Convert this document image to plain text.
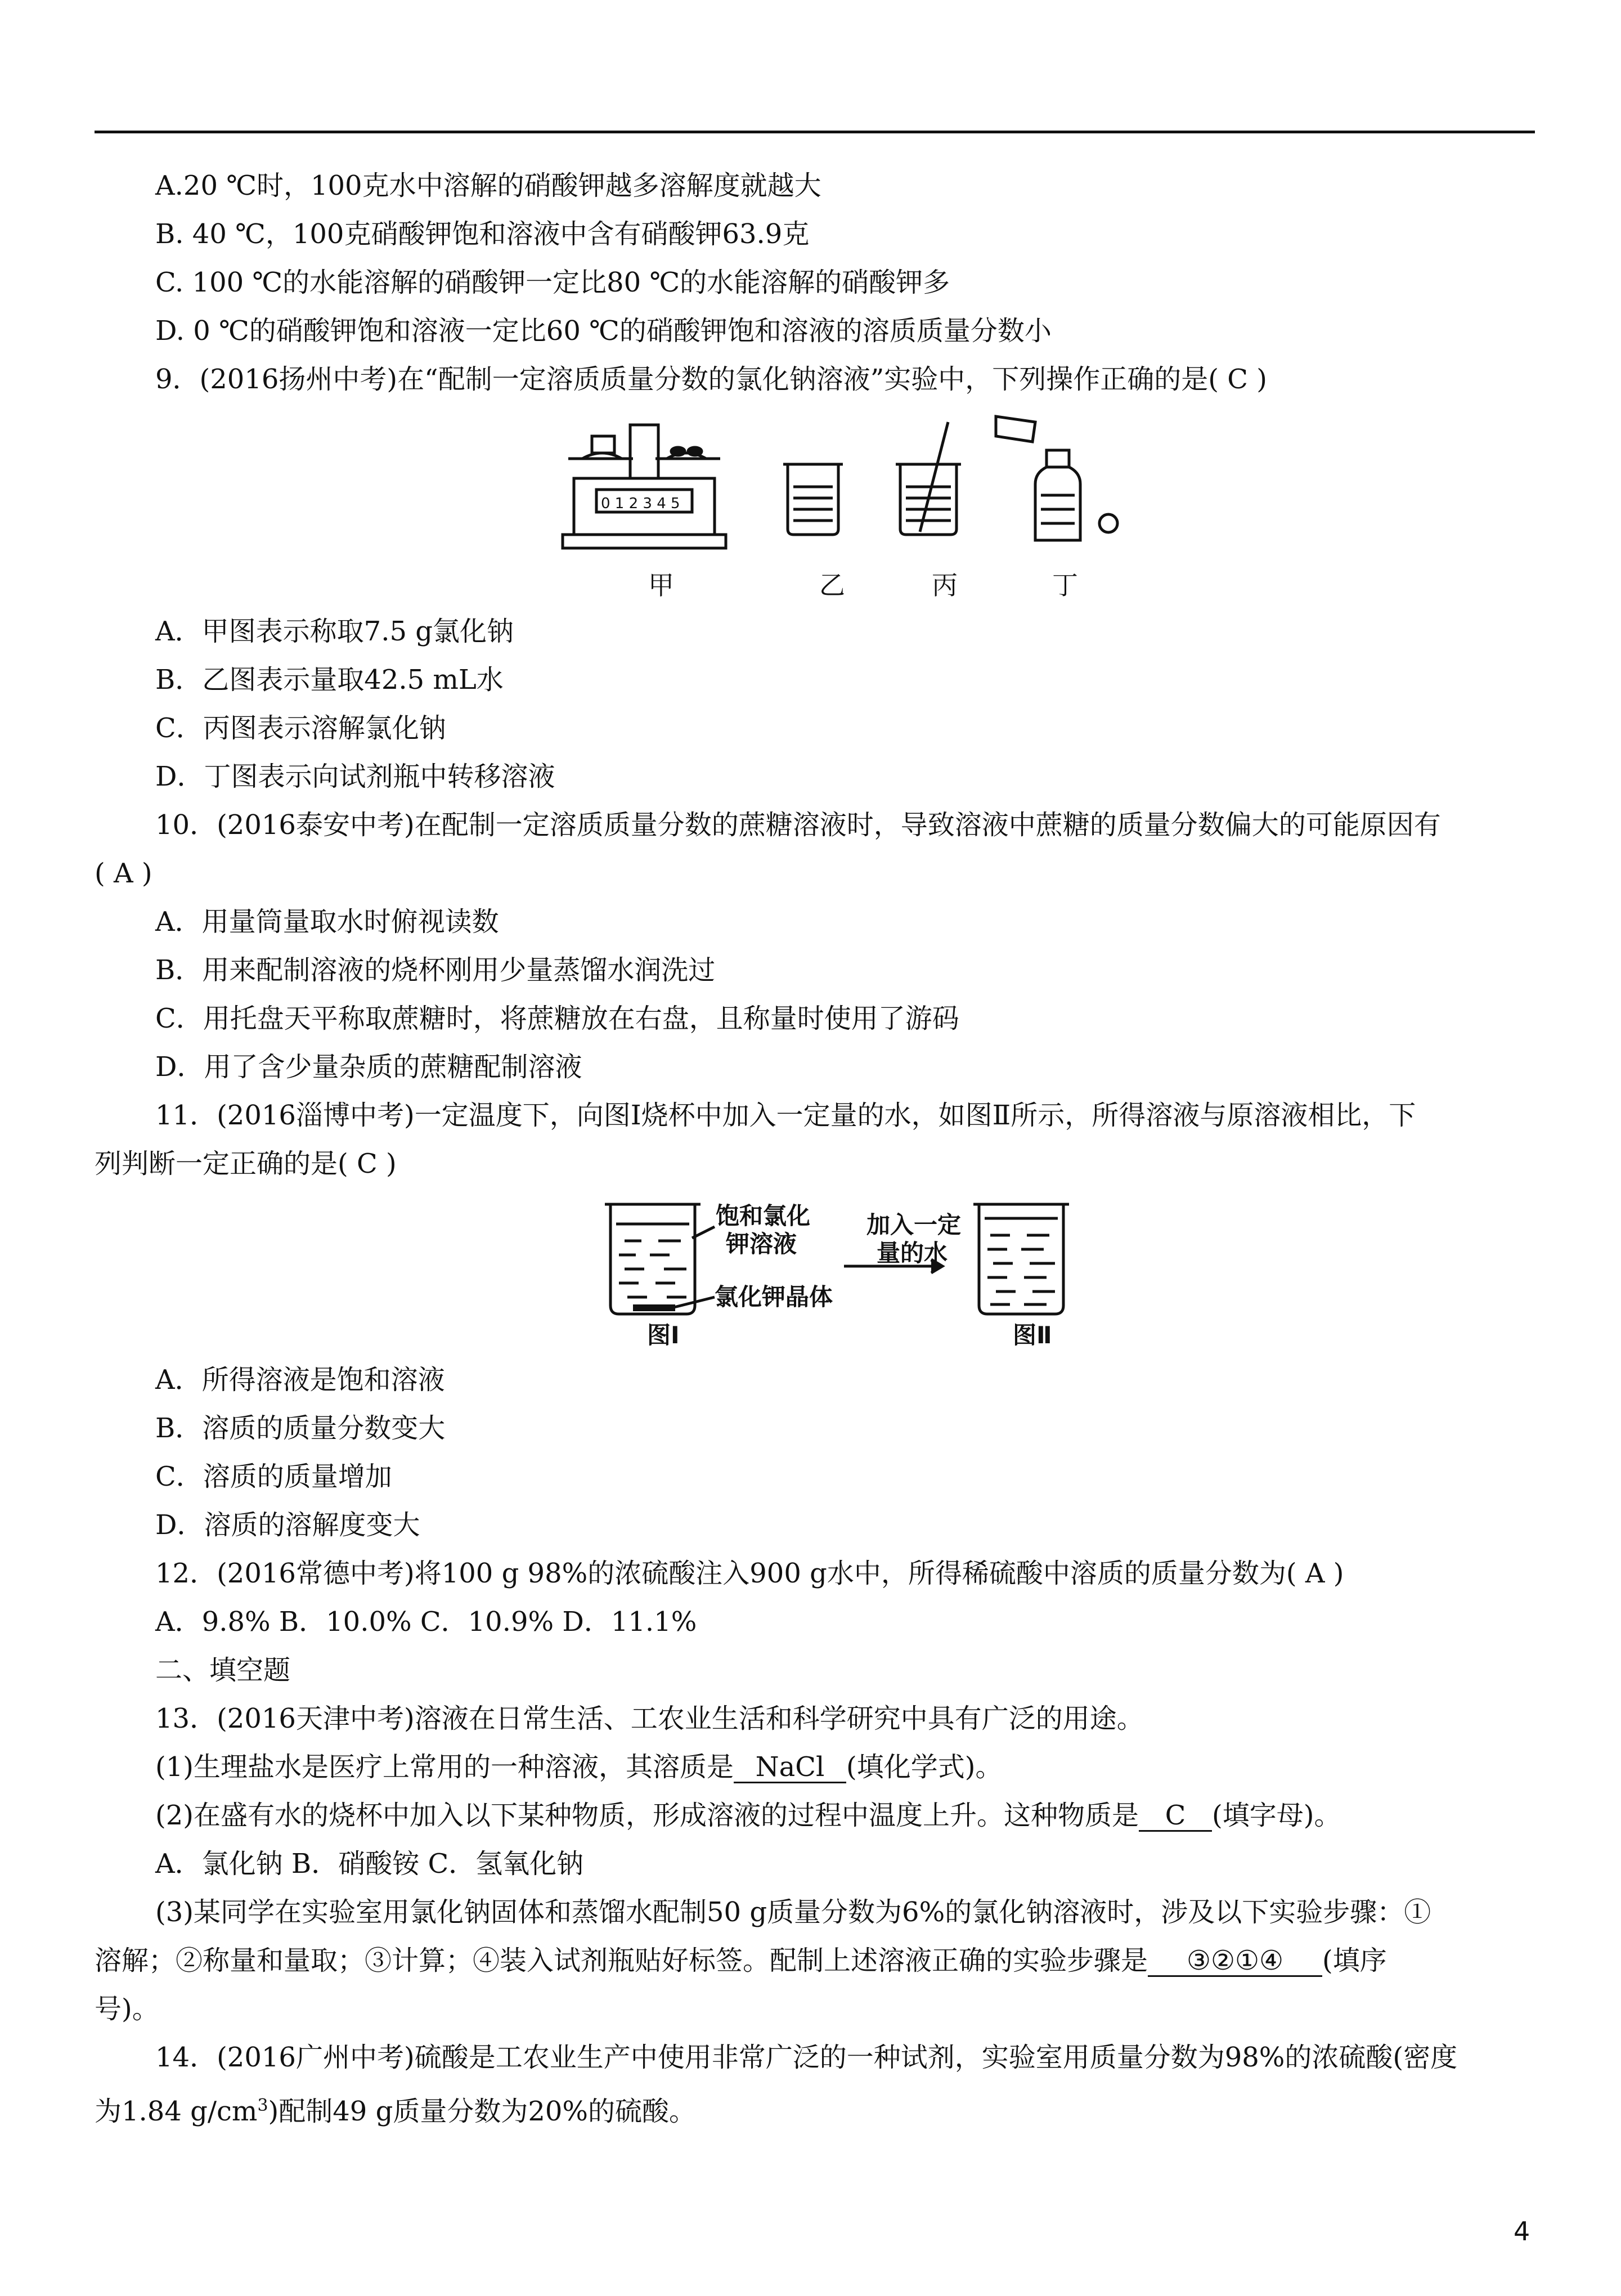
A.20 ℃时，100克水中溶解的硝酸钾越多溶解度就越大
B. 40 ℃，100克硝酸钾饱和溶液中含有硝酸钾63.9克
C. 100 ℃的水能溶解的硝酸钾一定比80 ℃的水能溶解的硝酸钾多
D. 0 ℃的硝酸钾饱和溶液一定比60 ℃的硝酸钾饱和溶液的溶质质量分数小
9．(2016扬州中考)在“配制一定溶质质量分数的氯化钠溶液”实验中，下列操作正确的是( C )
0 1 2 3 4 5
甲	乙	丙	丁
A．甲图表示称取7.5 g氯化钠
B．乙图表示量取42.5 mL水
C．丙图表示溶解氯化钠
D．丁图表示向试剂瓶中转移溶液
10．(2016泰安中考)在配制一定溶质质量分数的蔗糖溶液时，导致溶液中蔗糖的质量分数偏大的可能原因有
( A )
A．用量筒量取水时俯视读数
B．用来配制溶液的烧杯刚用少量蒸馏水润洗过
C．用托盘天平称取蔗糖时，将蔗糖放在右盘，且称量时使用了游码
D．用了含少量杂质的蔗糖配制溶液
11．(2016淄博中考)一定温度下，向图Ⅰ烧杯中加入一定量的水，如图Ⅱ所示，所得溶液与原溶液相比，下
列判断一定正确的是( C )
饱和氯化
钾溶液
氯化钾晶体
加入一定
量的水
图Ⅰ	图Ⅱ
A．所得溶液是饱和溶液
B．溶质的质量分数变大
C．溶质的质量增加
D．溶质的溶解度变大
12．(2016常德中考)将100 g 98%的浓硫酸注入900 g水中，所得稀硫酸中溶质的质量分数为( A )
A．9.8% B．10.0% C．10.9% D．11.1%
二、填空题
13．(2016天津中考)溶液在日常生活、工农业生活和科学研究中具有广泛的用途。
(1)生理盐水是医疗上常用的一种溶液，其溶质是 NaCl (填化学式)。
(2)在盛有水的烧杯中加入以下某种物质，形成溶液的过程中温度上升。这种物质是 C (填字母)。
A．氯化钠 B．硝酸铵 C．氢氧化钠
(3)某同学在实验室用氯化钠固体和蒸馏水配制50 g质量分数为6%的氯化钠溶液时，涉及以下实验步骤：①
溶解；②称量和量取；③计算；④装入试剂瓶贴好标签。配制上述溶液正确的实验步骤是 ③②①④ (填序
号)。
14．(2016广州中考)硫酸是工农业生产中使用非常广泛的一种试剂，实验室用质量分数为98%的浓硫酸(密度
为1.84 $g/cm^3$)配制49 g质量分数为20%的硫酸。
4
